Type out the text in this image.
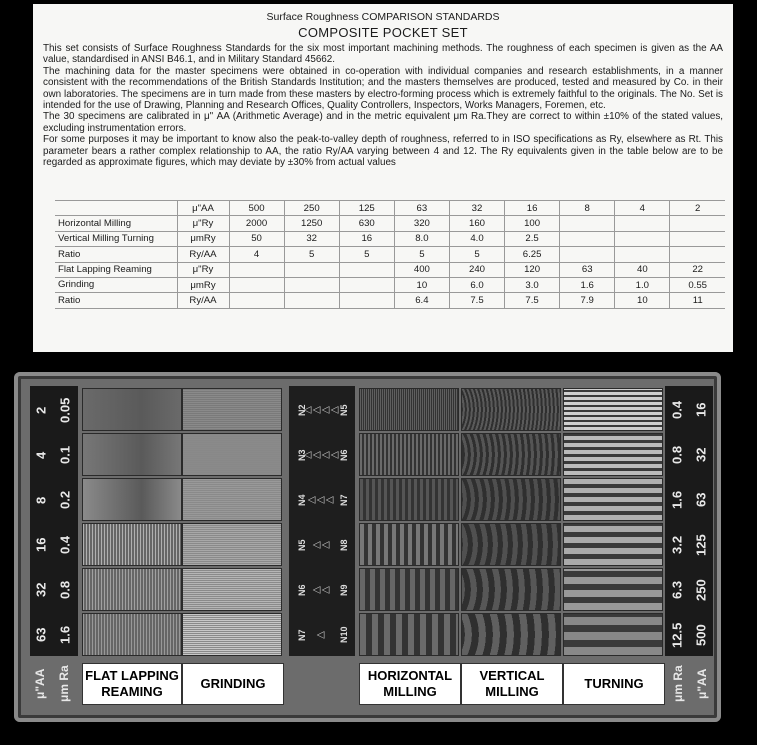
Surface Roughness COMPARISON STANDARDS
COMPOSITE POCKET SET

This set consists of Surface Roughness Standards for the six most important machining methods. The roughness of each specimen is given as the AA value, standardised in ANSI B46.1, and in Military Standard 45662.

The machining data for the master specimens were obtained in co-operation with individual companies and research establishments, in a manner consistent with the recommendations of the British Standards Institution; and the masters themselves are produced, tested and measured by Co. in their own laboratories. The specimens are in turn made from these masters by electro-forming process which is extremely faithful to the originals. The No. Set is intended for the use of Drawing, Planning and Research Offices, Quality Controllers, Inspectors, Works Managers, Foremen, etc.

The 30 specimens are calibrated in μ" AA (Arithmetic Average) and in the metric equivalent μm Ra.They are correct to within ±10% of the stated values, excluding instrumentation errors.

For some purposes it may be important to know also the peak-to-valley depth of roughness, referred to in ISO specifications as Ry, elsewhere as Rt. This parameter bears a rather complex relationship to AA, the ratio Ry/AA varying between 4 and 12. The Ry equivalents given in the table below are to be regarded as approximate figures, which may deviate by ±30% from actual values

	μ"AA	500	250	125	63	32	16	8	4	2
Horizontal Milling	μ"Ry	2000	1250	630	320	160	100			
Vertical Milling Turning	μmRy	50	32	16	8.0	4.0	2.5			
Ratio	Ry/AA	4	5	5	5	5	6.25			
Flat Lapping Reaming	μ"Ry				400	240	120	63	40	22
Grinding	μmRy				10	6.0	3.0	1.6	1.0	0.55
Ratio	Ry/AA				6.4	7.5	7.5	7.9	10	11
2
4
8
16
32
63
0.05
0.1
0.2
0.4
0.8
1.6
N2
N3
N4
N5
N6
N7
▽▽▽▽
▽▽▽▽
▽▽▽
▽▽
▽▽
▽
N5
N6
N7
N8
N9
N10
0.4
0.8
1.6
3.2
6.3
12.5
16
32
63
125
250
500
FLAT LAPPING
REAMING
GRINDING
HORIZONTAL
MILLING
VERTICAL
MILLING
TURNING
μ"AA μm Ra	μm Ra μ"AA
